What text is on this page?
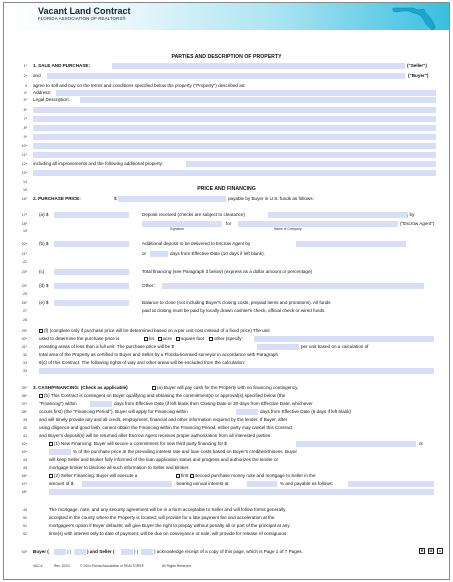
Vacant Land Contract
FLORIDA ASSOCIATION OF REALTORS®
PARTIES AND DESCRIPTION OF PROPERTY
1* 1. SALE AND PURCHASE:	("Seller")
2* and	("Buyer")
3 agree to sell and buy on the terms and conditions specified below the property ("Property") described as:
4* Address:
5* Legal Description:
6*
7*
8*
9*
10*
11*
12* including all improvements and the following additional property:
13*
14
PRICE AND FINANCING
15
16* 2. PURCHASE PRICE:	$	payable by Buyer in U.S. funds as follows:
17*	(a) $	Deposit received (checks are subject to clearance)	, by
18*	for	("Escrow Agent")
19	Signature	Name of Company
20*	(b) $	Additional deposit to be delivered to Escrow Agent by
21*	or	days from Effective Date (10 days if left blank).
22
23*	(c)	Total financing (see Paragraph 3 below) (express as a dollar amount or percentage)
24*	(d) $	Other:
25
26*	(e) $	Balance to close (not including Buyer's closing costs, prepaid items and prorations). All funds
27	paid at closing must be paid by locally drawn cashier's check, official check or wired funds.
28
29*	(f) (complete only if purchase price will be determined based on a per unit cost instead of a fixed price) The unit
30*	used to determine the purchase price is	lot	acre	square foot	other (specify:
31*	prorating areas of less than a full unit. The purchase price will be $	per unit based on a calculation of
32	total area of the Property as certified to Buyer and Seller by a Florida-licensed surveyor in accordance with Paragraph
33	8(c) of this Contract. The following rights of way and other areas will be excluded from the calculation:
34
35* 3. CASH/FINANCING: (Check as applicable)	(a) Buyer will pay cash for the Property with no financing contingency.
36*	(b) This Contract is contingent on Buyer qualifying and obtaining the commitment(s) or approval(s) specified below (the
37*	"Financing") within	days from Effective Date (if left blank then Closing Date or 30 days from Effective Date, whichever
38*	occurs first) (the "Financing Period"). Buyer will apply for Financing within	days from Effective Date (5 days if left blank)
39	and will timely provide any and all credit, employment, financial and other information required by the lender. If Buyer, after
40	using diligence and good faith, cannot obtain the Financing within the Financing Period, either party may cancel this Contract
41	and Buyer's deposit(s) will be returned after Escrow Agent receives proper authorization from all interested parties.
42*	(1) New Financing: Buyer will secure a commitment for new third party financing for $	or
43*	% of the purchase price at the prevailing interest rate and loan costs based on Buyer's creditworthiness. Buyer
44	will keep Seller and Broker fully informed of the loan application status and progress and authorizes the lender or
45	mortgage broker to disclose all such information to Seller and Broker.
46*	(2) Seller Financing: Buyer will execute a	first	second purchase money note and mortgage to Seller in the
47*	amount of $	, bearing annual interest at	% and payable as follows:
48*
49	The mortgage, note, and any security agreement will be in a form acceptable to Seller and will follow forms generally
50	accepted in the county where the Property is located; will provide for a late payment fee and acceleration at the
51	mortgagee's option if Buyer defaults; will give Buyer the right to prepay without penalty all or part of the principal at any
52	time(s) with interest only to date of payment; will be due on conveyance or sale; will provide for release of contiguous
53* Buyer (	) (	) and Seller (	) (	) acknowledge receipt of a copy of this page, which is Page 1 of 7 Pages.
VAC-6	Rev. 10/04	© 2004 Florida Association of REALTORS®	All Rights Reserved
R	M	=
